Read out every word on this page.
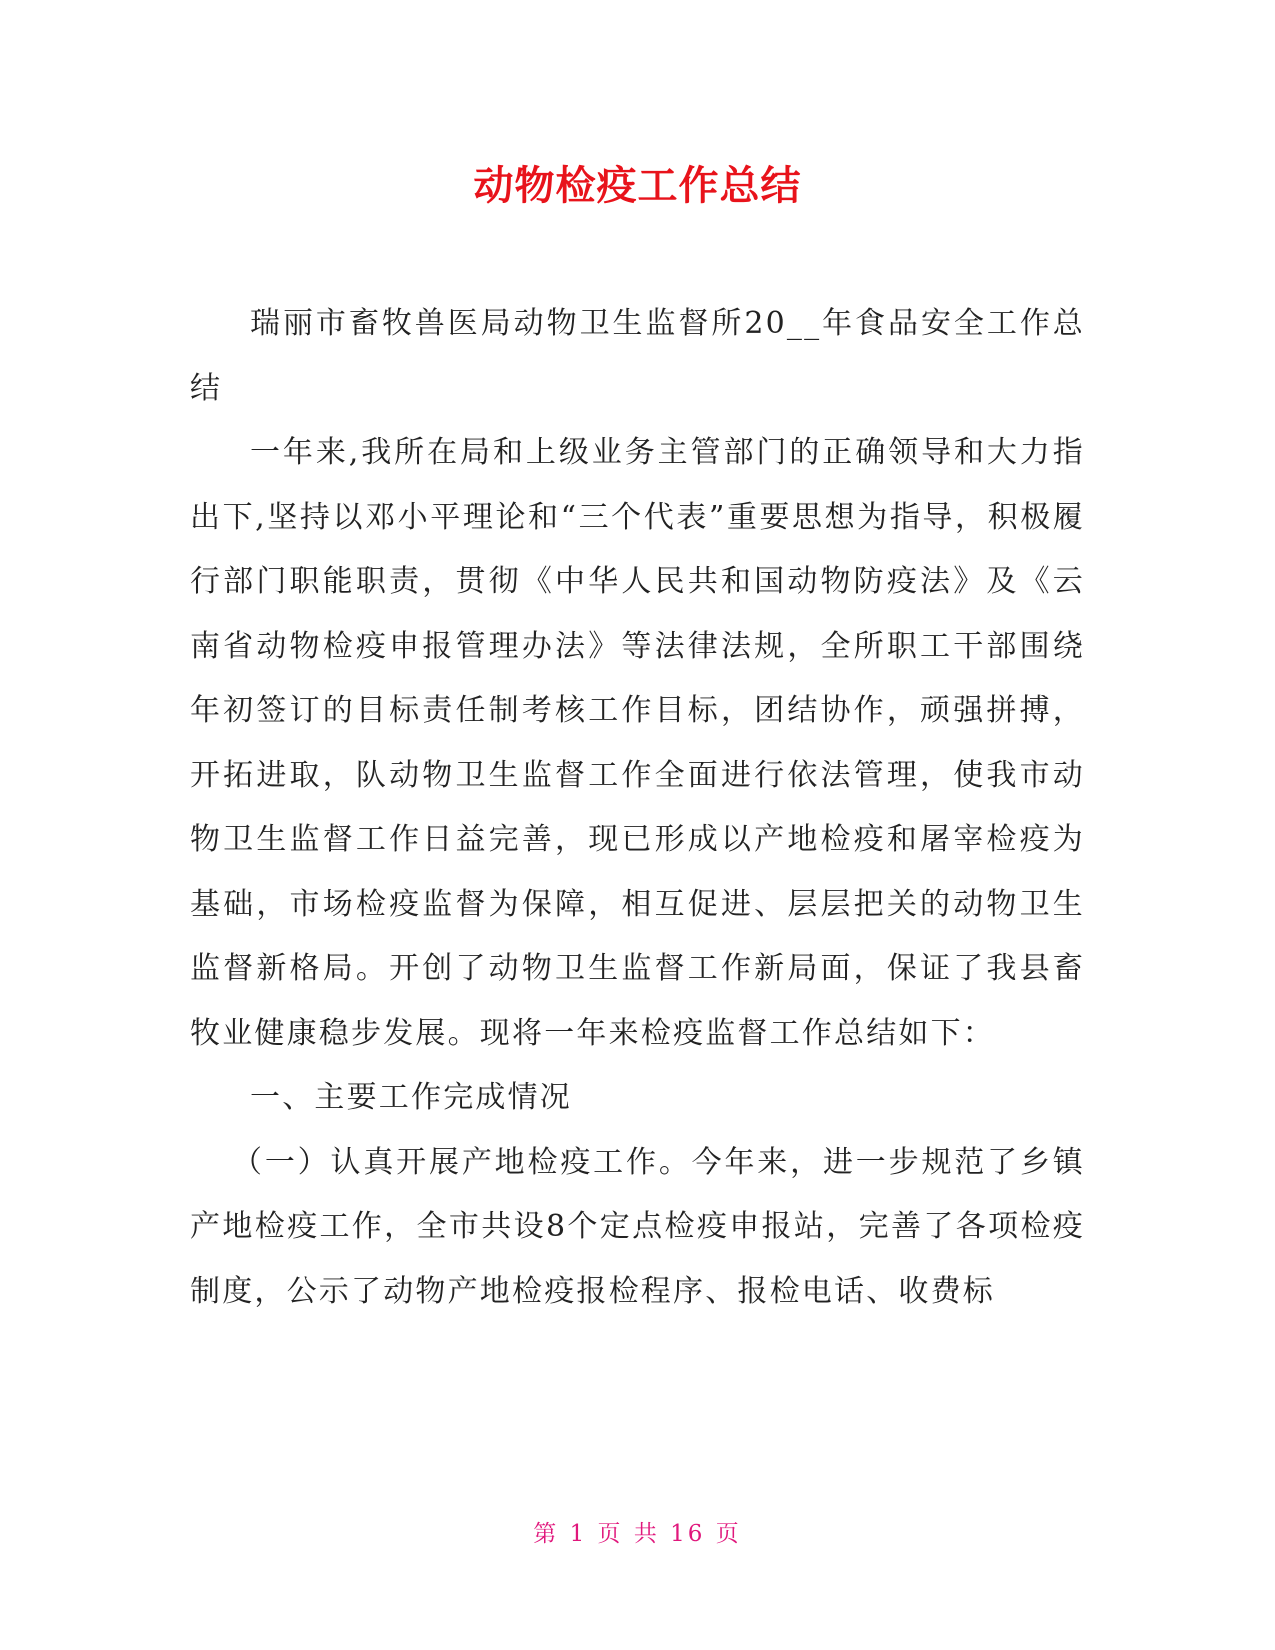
动物检疫工作总结

瑞丽市畜牧兽医局动物卫生监督所20__年食品安全工作总结

一年来,我所在局和上级业务主管部门的正确领导和大力指出下,坚持以邓小平理论和“三个代表”重要思想为指导，积极履行部门职能职责，贯彻《中华人民共和国动物防疫法》及《云南省动物检疫申报管理办法》等法律法规，全所职工干部围绕年初签订的目标责任制考核工作目标，团结协作，顽强拼搏，开拓进取，队动物卫生监督工作全面进行依法管理，使我市动物卫生监督工作日益完善，现已形成以产地检疫和屠宰检疫为基础，市场检疫监督为保障，相互促进、层层把关的动物卫生监督新格局。开创了动物卫生监督工作新局面，保证了我县畜牧业健康稳步发展。现将一年来检疫监督工作总结如下：

一、主要工作完成情况

（一）认真开展产地检疫工作。今年来，进一步规范了乡镇产地检疫工作，全市共设8个定点检疫申报站，完善了各项检疫制度，公示了动物产地检疫报检程序、报检电话、收费标

第 1 页 共 16 页
